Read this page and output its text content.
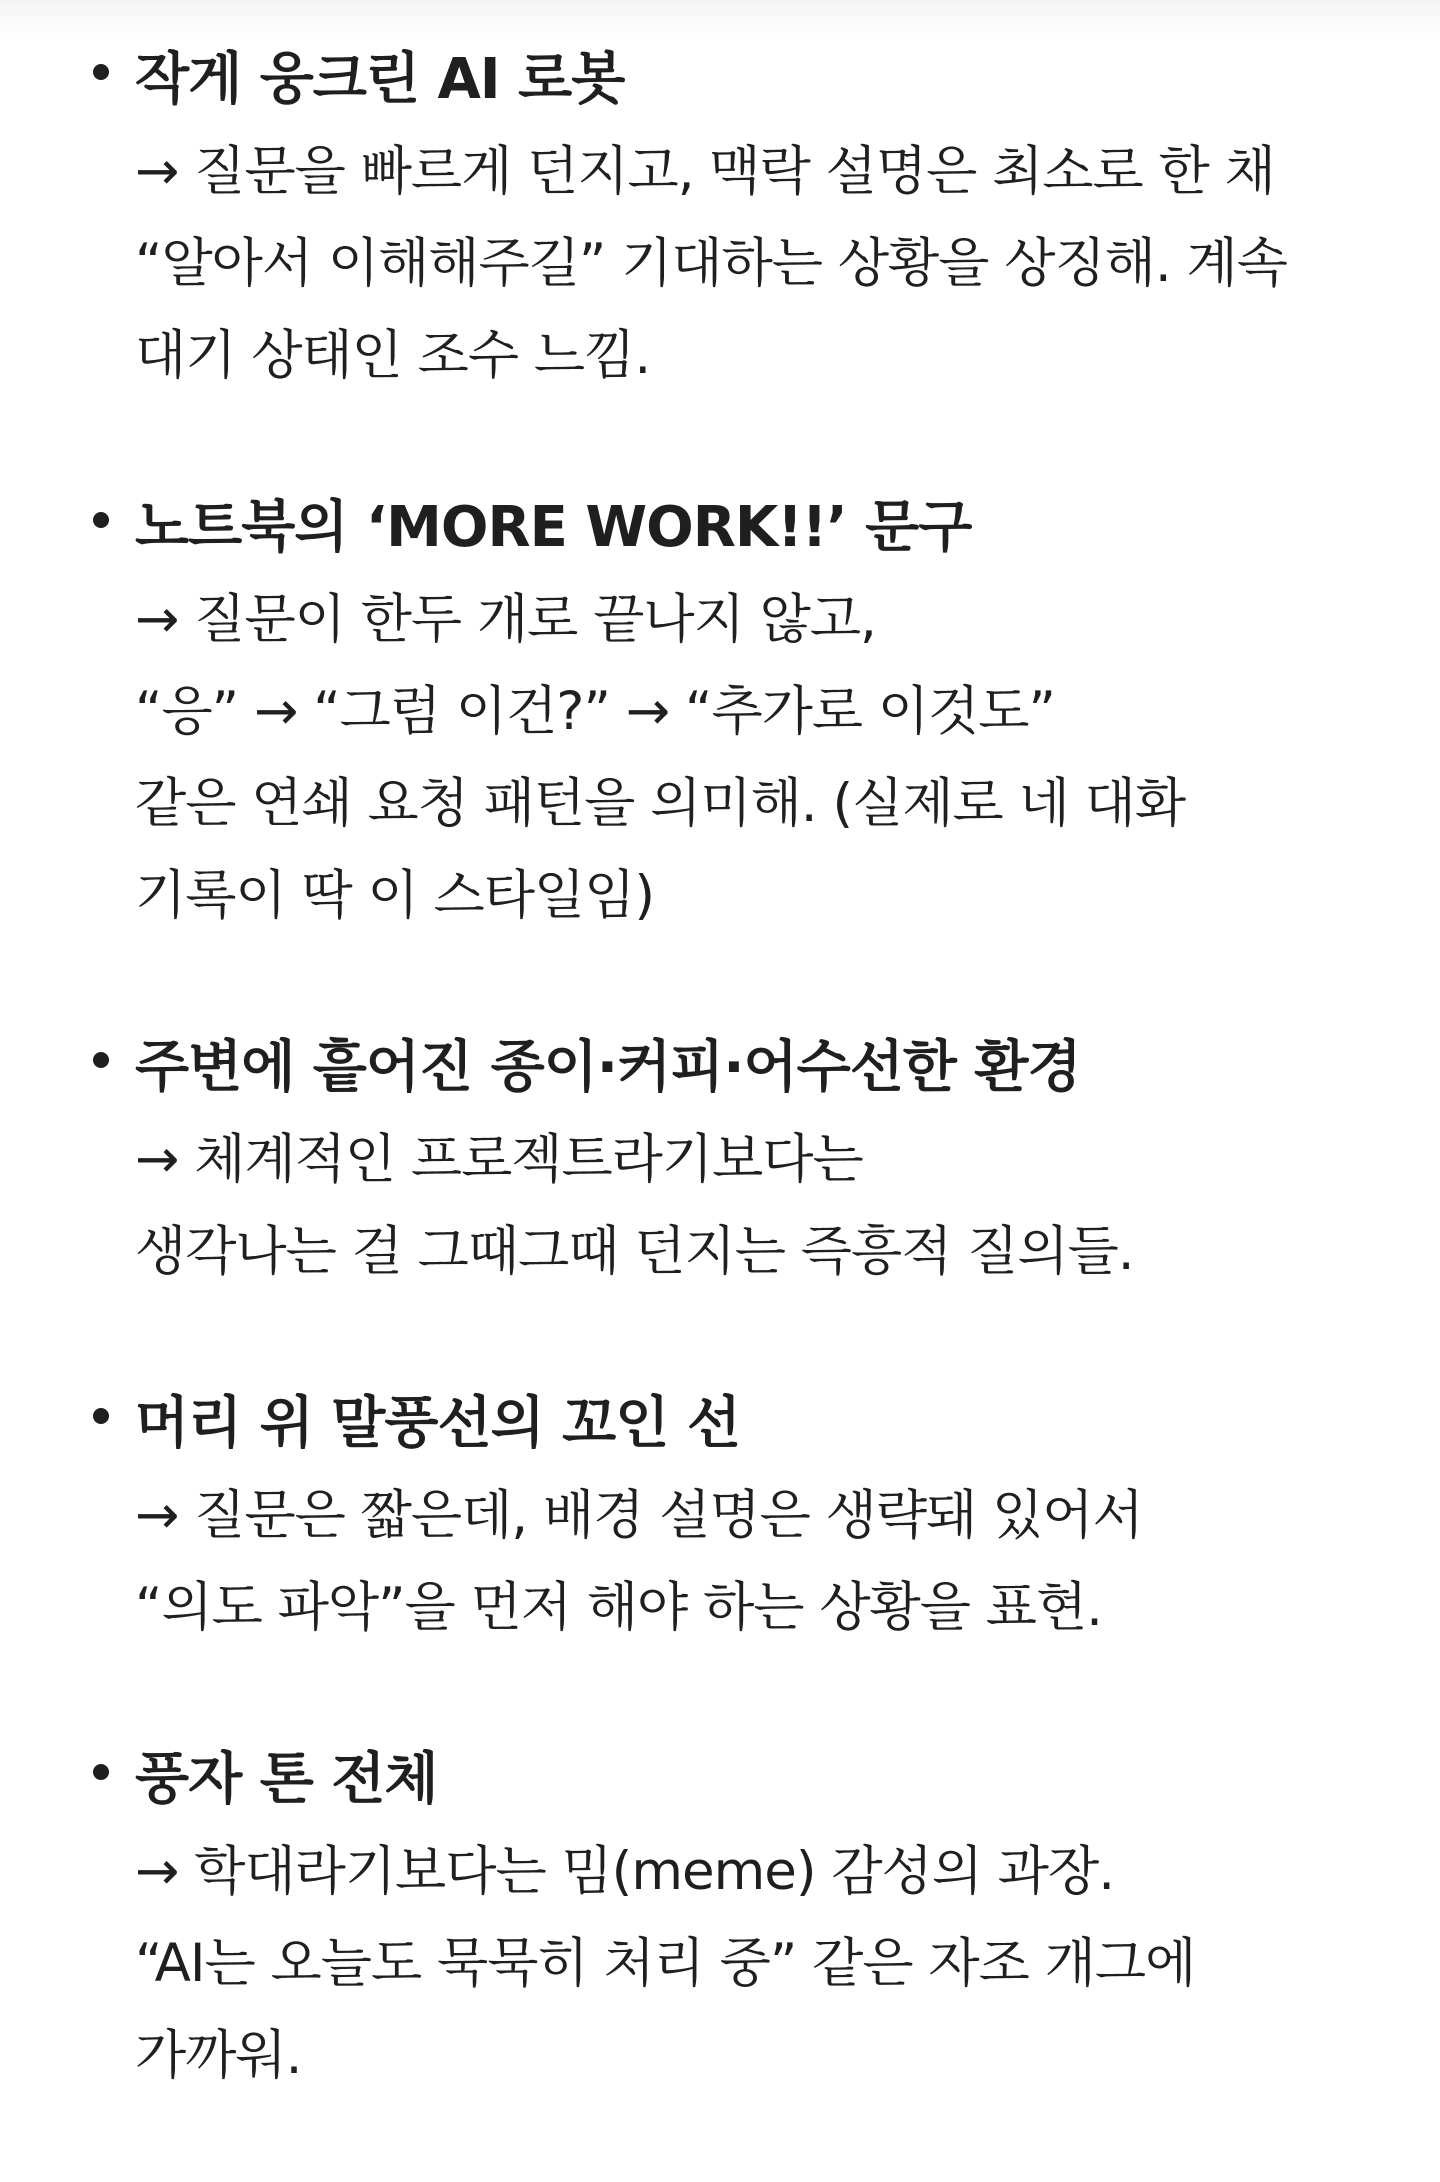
작게 웅크린 AI 로봇
→ 질문을 빠르게 던지고, 맥락 설명은 최소로 한 채
“알아서 이해해주길” 기대하는 상황을 상징해. 계속
대기 상태인 조수 느낌.
노트북의 ‘MORE WORK!!’ 문구
→ 질문이 한두 개로 끝나지 않고,
“응” → “그럼 이건?” → “추가로 이것도”
같은 연쇄 요청 패턴을 의미해. (실제로 네 대화
기록이 딱 이 스타일임)
주변에 흩어진 종이·커피·어수선한 환경
→ 체계적인 프로젝트라기보다는
생각나는 걸 그때그때 던지는 즉흥적 질의들.
머리 위 말풍선의 꼬인 선
→ 질문은 짧은데, 배경 설명은 생략돼 있어서
“의도 파악”을 먼저 해야 하는 상황을 표현.
풍자 톤 전체
→ 학대라기보다는 밈(meme) 감성의 과장.
“AI는 오늘도 묵묵히 처리 중” 같은 자조 개그에
가까워.
